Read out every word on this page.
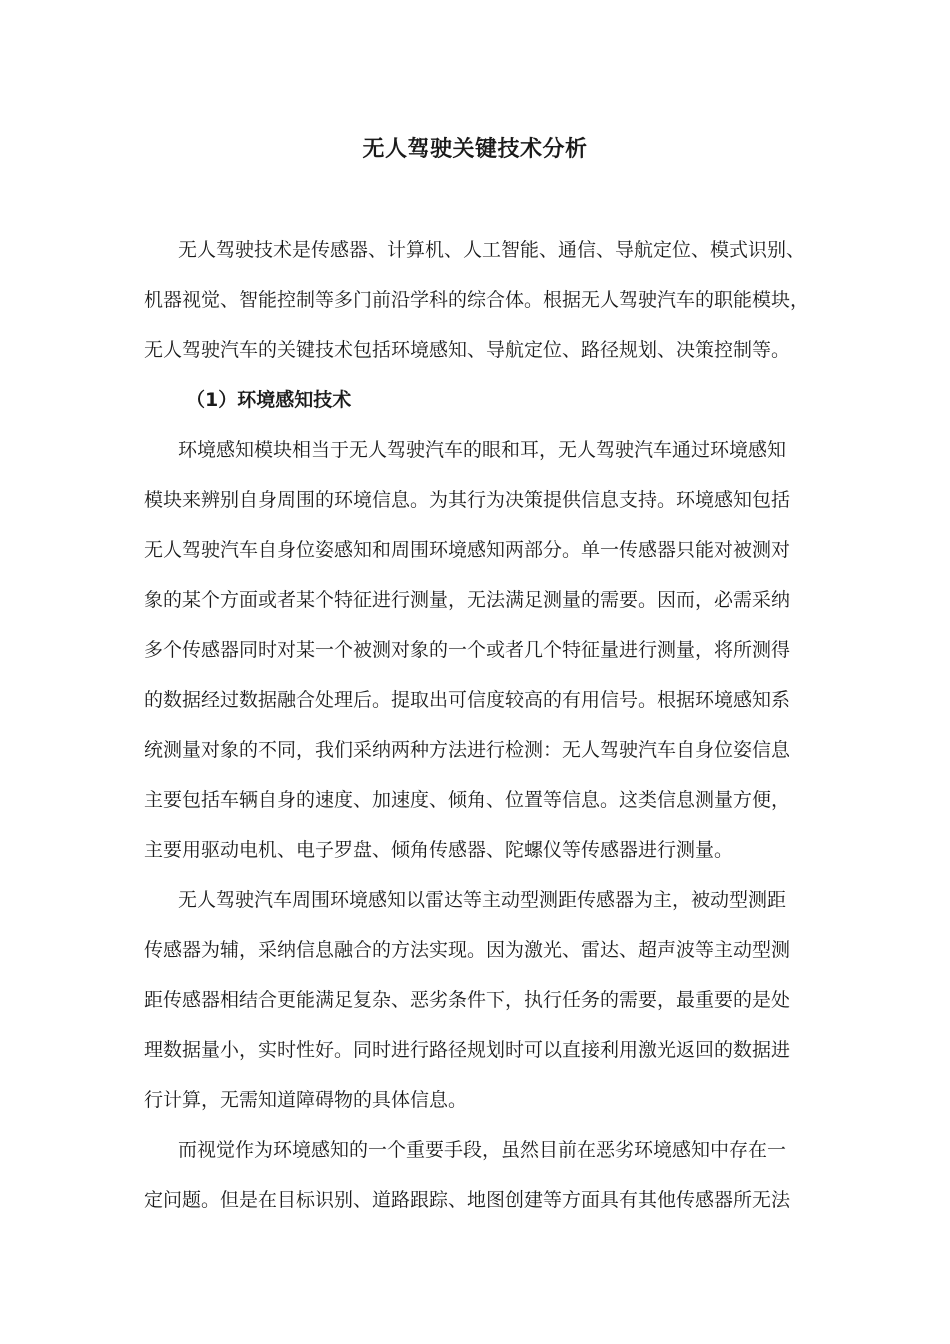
无人驾驶关键技术分析

无人驾驶技术是传感器、计算机、人工智能、通信、导航定位、模式识别、
机器视觉、智能控制等多门前沿学科的综合体。根据无人驾驶汽车的职能模块，
无人驾驶汽车的关键技术包括环境感知、导航定位、路径规划、决策控制等。

（1）环境感知技术

环境感知模块相当于无人驾驶汽车的眼和耳，无人驾驶汽车通过环境感知
模块来辨别自身周围的环境信息。为其行为决策提供信息支持。环境感知包括
无人驾驶汽车自身位姿感知和周围环境感知两部分。单一传感器只能对被测对
象的某个方面或者某个特征进行测量，无法满足测量的需要。因而，必需采纳
多个传感器同时对某一个被测对象的一个或者几个特征量进行测量，将所测得
的数据经过数据融合处理后。提取出可信度较高的有用信号。根据环境感知系
统测量对象的不同，我们采纳两种方法进行检测：无人驾驶汽车自身位姿信息
主要包括车辆自身的速度、加速度、倾角、位置等信息。这类信息测量方便，
主要用驱动电机、电子罗盘、倾角传感器、陀螺仪等传感器进行测量。

无人驾驶汽车周围环境感知以雷达等主动型测距传感器为主，被动型测距
传感器为辅，采纳信息融合的方法实现。因为激光、雷达、超声波等主动型测
距传感器相结合更能满足复杂、恶劣条件下，执行任务的需要，最重要的是处
理数据量小，实时性好。同时进行路径规划时可以直接利用激光返回的数据进
行计算，无需知道障碍物的具体信息。

而视觉作为环境感知的一个重要手段，虽然目前在恶劣环境感知中存在一
定问题。但是在目标识别、道路跟踪、地图创建等方面具有其他传感器所无法
